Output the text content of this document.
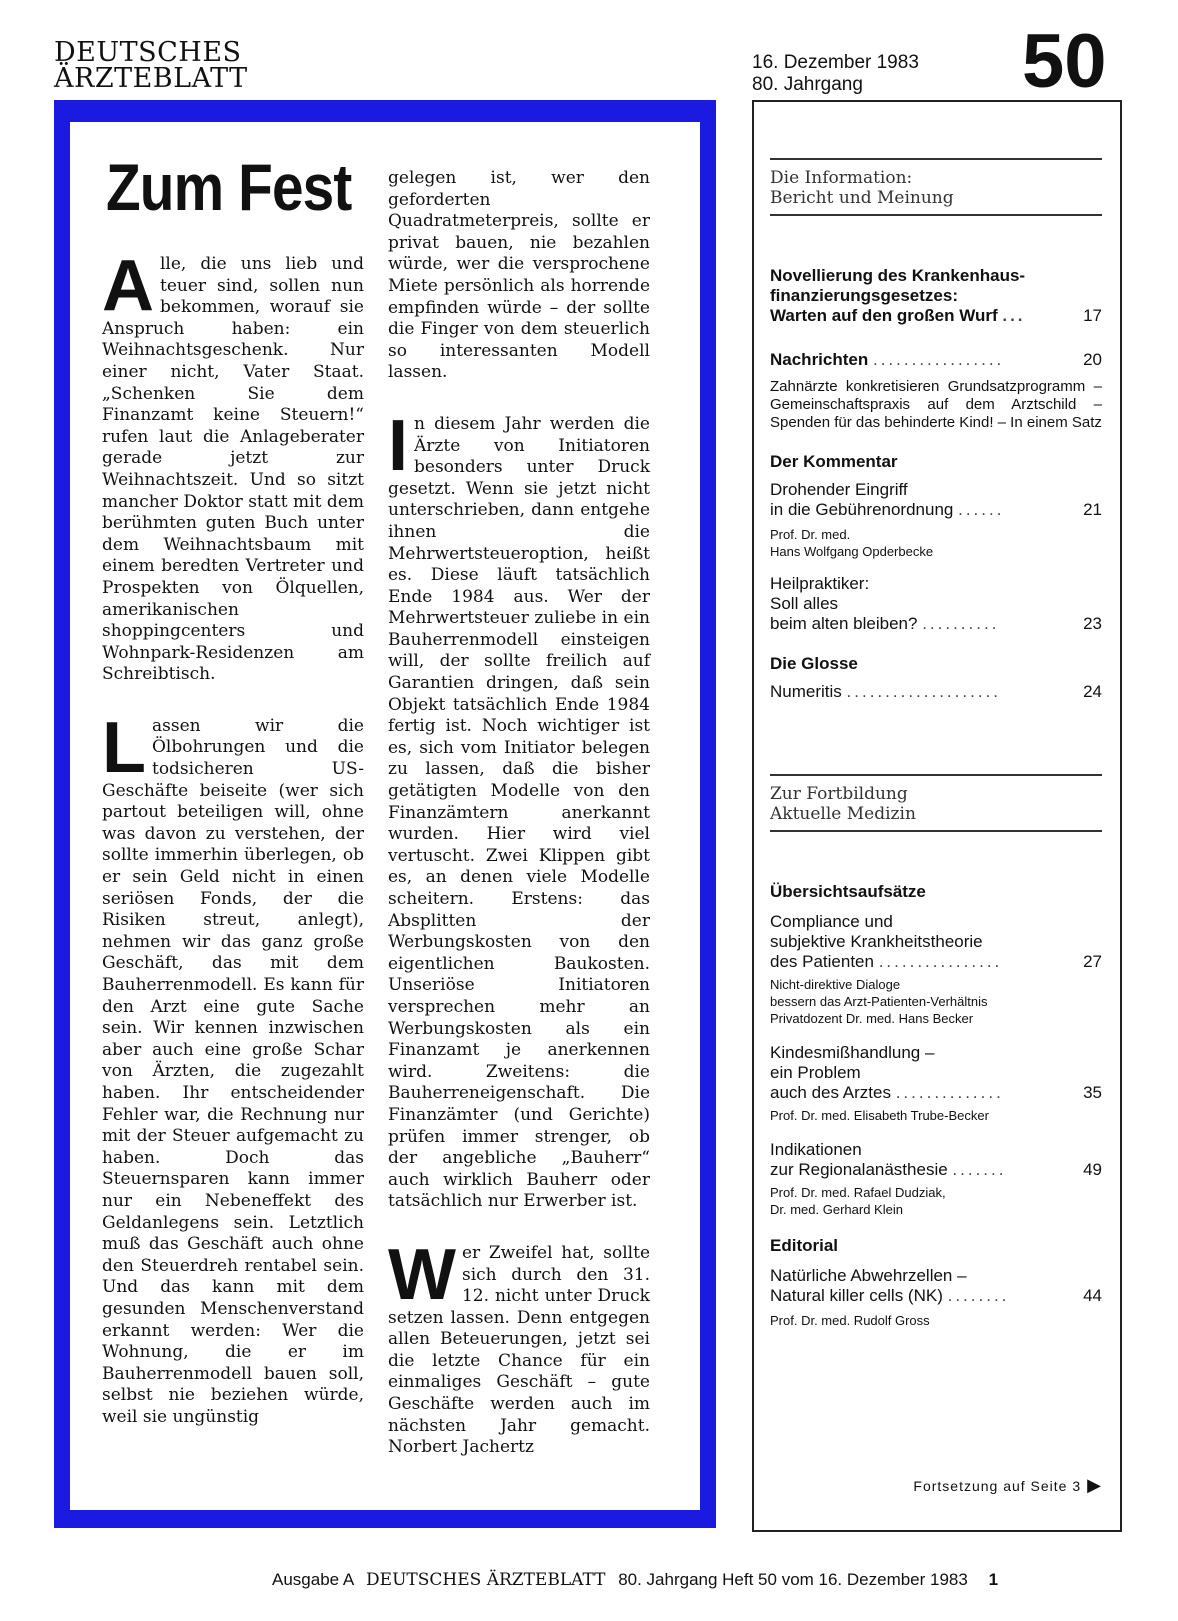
DEUTSCHES
ÄRZTEBLATT
16. Dezember 1983
80. Jahrgang	50
Zum Fest

Alle, die uns lieb und teuer sind, sollen nun bekommen, worauf sie Anspruch haben: ein Weihnachtsgeschenk. Nur einer nicht, Vater Staat. „Schenken Sie dem Finanzamt keine Steuern!“ rufen laut die Anlageberater gerade jetzt zur Weihnachtszeit. Und so sitzt mancher Doktor statt mit dem berühmten guten Buch unter dem Weihnachtsbaum mit einem beredten Vertreter und Prospekten von Ölquellen, amerikanischen shoppingcenters und Wohnpark-Residenzen am Schreibtisch.

Lassen wir die Ölbohrungen und die todsicheren US-Geschäfte beiseite (wer sich partout beteiligen will, ohne was davon zu verstehen, der sollte immerhin überlegen, ob er sein Geld nicht in einen seriösen Fonds, der die Risiken streut, anlegt), nehmen wir das ganz große Geschäft, das mit dem Bauherrenmodell. Es kann für den Arzt eine gute Sache sein. Wir kennen inzwischen aber auch eine große Schar von Ärzten, die zugezahlt haben. Ihr entscheidender Fehler war, die Rechnung nur mit der Steuer aufgemacht zu haben. Doch das Steuernsparen kann immer nur ein Nebeneffekt des Geldanlegens sein. Letztlich muß das Geschäft auch ohne den Steuerdreh rentabel sein. Und das kann mit dem gesunden Menschenverstand erkannt werden: Wer die Wohnung, die er im Bauherrenmodell bauen soll, selbst nie beziehen würde, weil sie ungünstig

gelegen ist, wer den geforderten Quadratmeterpreis, sollte er privat bauen, nie bezahlen würde, wer die versprochene Miete persönlich als horrende empfinden würde – der sollte die Finger von dem steuerlich so interessanten Modell lassen.

In diesem Jahr werden die Ärzte von Initiatoren besonders unter Druck gesetzt. Wenn sie jetzt nicht unterschrieben, dann entgehe ihnen die Mehrwertsteueroption, heißt es. Diese läuft tatsächlich Ende 1984 aus. Wer der Mehrwertsteuer zuliebe in ein Bauherrenmodell einsteigen will, der sollte freilich auf Garantien dringen, daß sein Objekt tatsächlich Ende 1984 fertig ist. Noch wichtiger ist es, sich vom Initiator belegen zu lassen, daß die bisher getätigten Modelle von den Finanzämtern anerkannt wurden. Hier wird viel vertuscht. Zwei Klippen gibt es, an denen viele Modelle scheitern. Erstens: das Absplitten der Werbungskosten von den eigentlichen Baukosten. Unseriöse Initiatoren versprechen mehr an Werbungskosten als ein Finanzamt je anerkennen wird. Zweitens: die Bauherreneigenschaft. Die Finanzämter (und Gerichte) prüfen immer strenger, ob der angebliche „Bauherr“ auch wirklich Bauherr oder tatsächlich nur Erwerber ist.

Wer Zweifel hat, sollte sich durch den 31. 12. nicht unter Druck setzen lassen. Denn entgegen allen Beteuerungen, jetzt sei die letzte Chance für ein einmaliges Geschäft – gute Geschäfte werden auch im nächsten Jahr gemacht. Norbert Jachertz

Die Information:
Bericht und Meinung
Novellierung des Krankenhaus-
finanzierungsgesetzes:
Warten auf den großen Wurf ...	17
Nachrichten .................	20
Zahnärzte konkretisieren Grundsatzprogramm – Gemeinschaftspraxis auf dem Arztschild – Spenden für das behinderte Kind! – In einem Satz
Der Kommentar
Drohender Eingriff
in die Gebührenordnung ......	21
Prof. Dr. med.
Hans Wolfgang Opderbecke
Heilpraktiker:
Soll alles
beim alten bleiben? ..........	23
Die Glosse
Numeritis ....................	24
Zur Fortbildung
Aktuelle Medizin
Übersichtsaufsätze
Compliance und
subjektive Krankheitstheorie
des Patienten ................	27
Nicht-direktive Dialoge
bessern das Arzt-Patienten-Verhältnis
Privatdozent Dr. med. Hans Becker
Kindesmißhandlung –
ein Problem
auch des Arztes ..............	35
Prof. Dr. med. Elisabeth Trube-Becker
Indikationen
zur Regionalanästhesie .......	49
Prof. Dr. med. Rafael Dudziak,
Dr. med. Gerhard Klein
Editorial
Natürliche Abwehrzellen –
Natural killer cells (NK) ........	44
Prof. Dr. med. Rudolf Gross
Fortsetzung auf Seite 3 ▶
Ausgabe A DEUTSCHES ÄRZTEBLATT 80. Jahrgang Heft 50 vom 16. Dezember 1983 1
